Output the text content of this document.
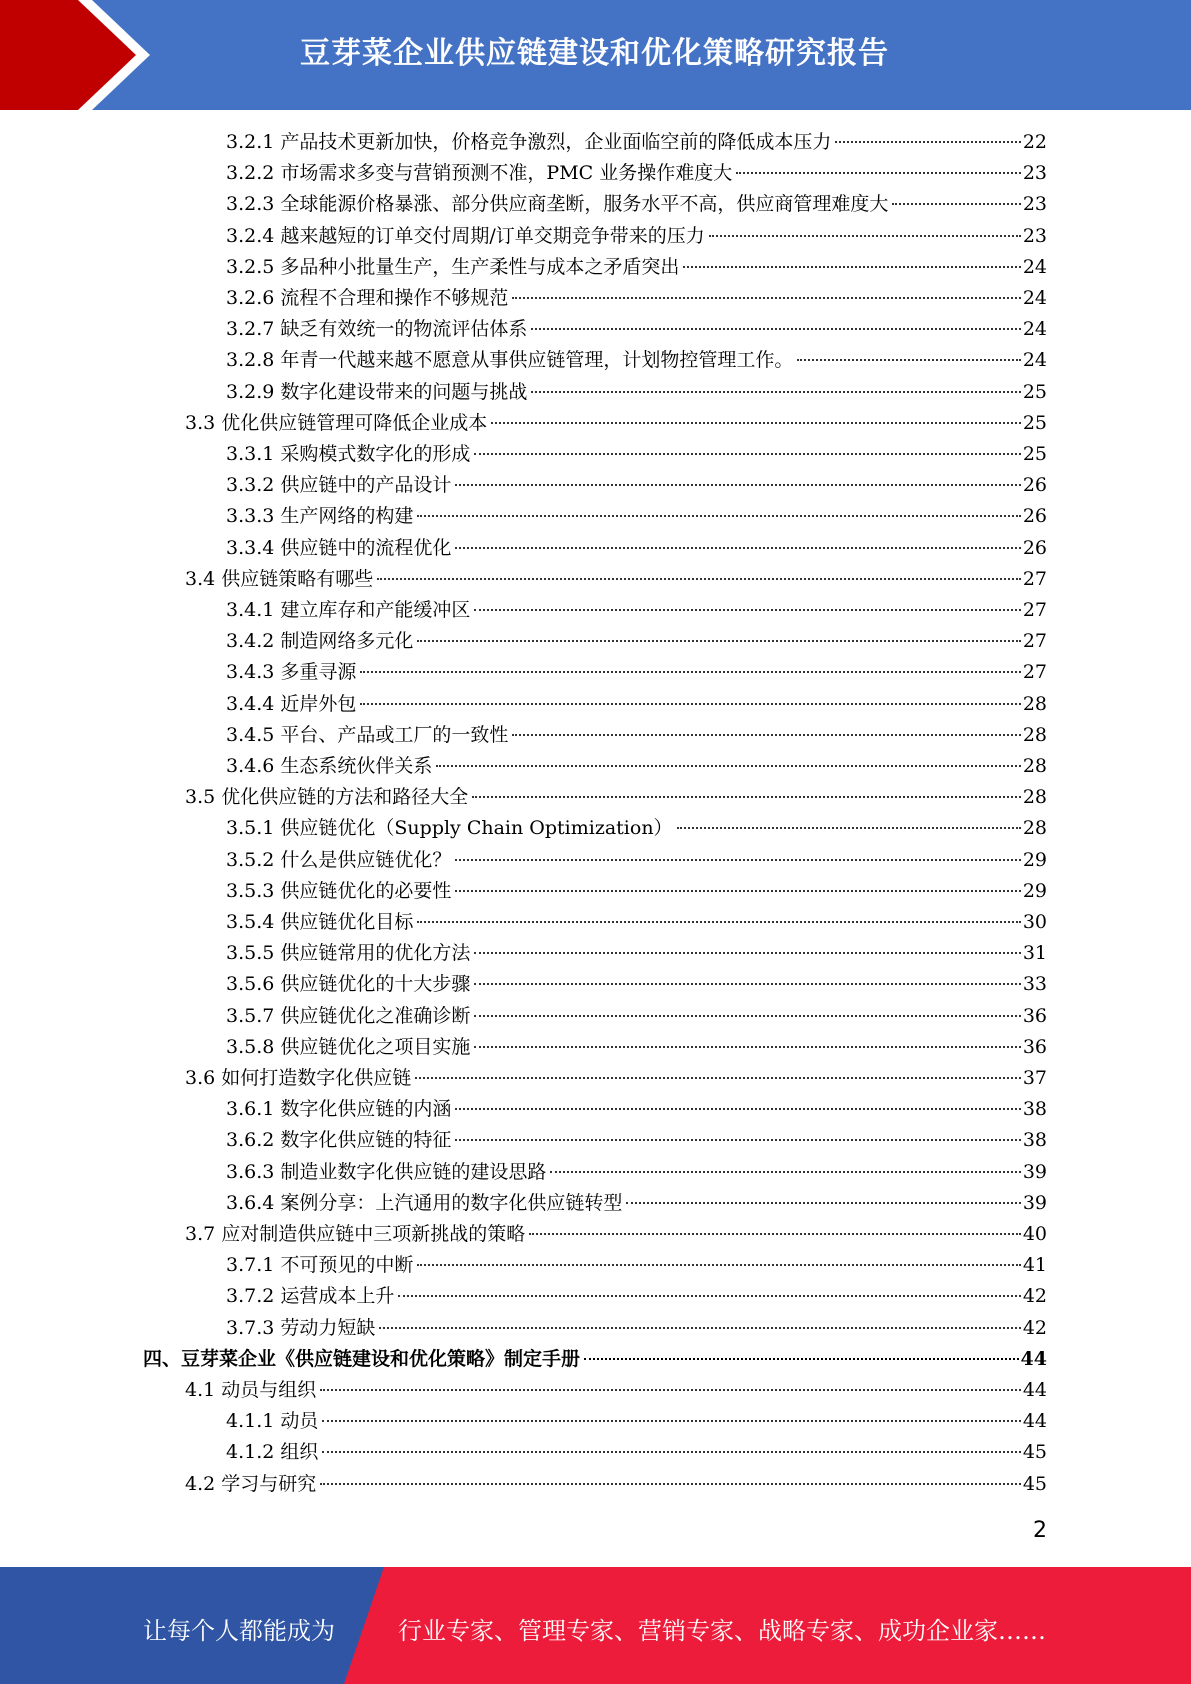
豆芽菜企业供应链建设和优化策略研究报告
3.2.1 产品技术更新加快，价格竞争激烈，企业面临空前的降低成本压力	22
3.2.2 市场需求多变与营销预测不准，PMC 业务操作难度大	23
3.2.3 全球能源价格暴涨、部分供应商垄断，服务水平不高，供应商管理难度大	23
3.2.4 越来越短的订单交付周期/订单交期竞争带来的压力	23
3.2.5 多品种小批量生产，生产柔性与成本之矛盾突出	24
3.2.6 流程不合理和操作不够规范	24
3.2.7 缺乏有效统一的物流评估体系	24
3.2.8 年青一代越来越不愿意从事供应链管理，计划物控管理工作。	24
3.2.9 数字化建设带来的问题与挑战	25
3.3 优化供应链管理可降低企业成本	25
3.3.1 采购模式数字化的形成	25
3.3.2 供应链中的产品设计	26
3.3.3 生产网络的构建	26
3.3.4 供应链中的流程优化	26
3.4 供应链策略有哪些	27
3.4.1 建立库存和产能缓冲区	27
3.4.2 制造网络多元化	27
3.4.3 多重寻源	27
3.4.4 近岸外包	28
3.4.5 平台、产品或工厂的一致性	28
3.4.6 生态系统伙伴关系	28
3.5 优化供应链的方法和路径大全	28
3.5.1 供应链优化（Supply Chain Optimization）	28
3.5.2 什么是供应链优化？	29
3.5.3 供应链优化的必要性	29
3.5.4 供应链优化目标	30
3.5.5 供应链常用的优化方法	31
3.5.6 供应链优化的十大步骤	33
3.5.7 供应链优化之准确诊断	36
3.5.8 供应链优化之项目实施	36
3.6 如何打造数字化供应链	37
3.6.1 数字化供应链的内涵	38
3.6.2 数字化供应链的特征	38
3.6.3 制造业数字化供应链的建设思路	39
3.6.4 案例分享：上汽通用的数字化供应链转型	39
3.7 应对制造供应链中三项新挑战的策略	40
3.7.1 不可预见的中断	41
3.7.2 运营成本上升	42
3.7.3 劳动力短缺	42
四、豆芽菜企业《供应链建设和优化策略》制定手册	44
4.1 动员与组织	44
4.1.1 动员	44
4.1.2 组织	45
4.2 学习与研究	45
2
让每个人都能成为	行业专家、管理专家、营销专家、战略专家、成功企业家……
